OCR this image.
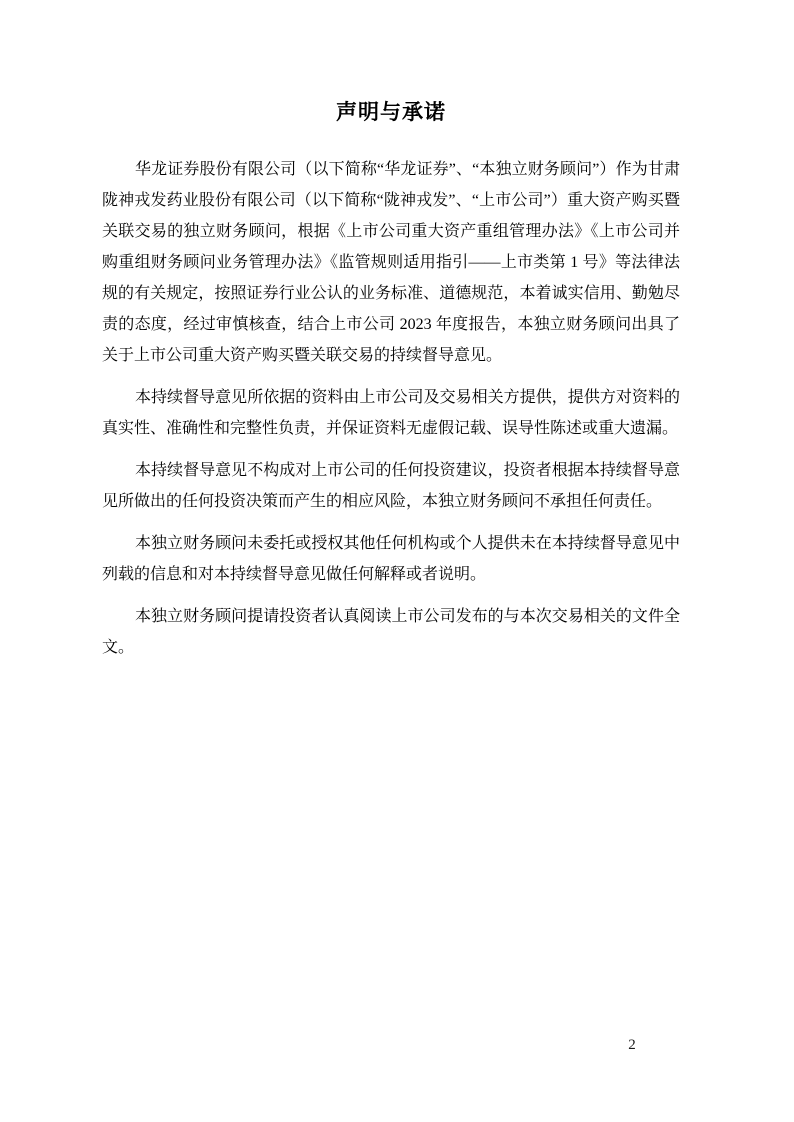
声明与承诺

华龙证券股份有限公司（以下简称“华龙证券”、“本独立财务顾问”）作为甘肃陇神戎发药业股份有限公司（以下简称“陇神戎发”、“上市公司”）重大资产购买暨关联交易的独立财务顾问，根据《上市公司重大资产重组管理办法》《上市公司并购重组财务顾问业务管理办法》《监管规则适用指引——上市类第 1 号》等法律法规的有关规定，按照证券行业公认的业务标准、道德规范，本着诚实信用、勤勉尽责的态度，经过审慎核查，结合上市公司 2023 年度报告，本独立财务顾问出具了关于上市公司重大资产购买暨关联交易的持续督导意见。

本持续督导意见所依据的资料由上市公司及交易相关方提供，提供方对资料的真实性、准确性和完整性负责，并保证资料无虚假记载、误导性陈述或重大遗漏。

本持续督导意见不构成对上市公司的任何投资建议，投资者根据本持续督导意见所做出的任何投资决策而产生的相应风险，本独立财务顾问不承担任何责任。

本独立财务顾问未委托或授权其他任何机构或个人提供未在本持续督导意见中列载的信息和对本持续督导意见做任何解释或者说明。

本独立财务顾问提请投资者认真阅读上市公司发布的与本次交易相关的文件全文。

2
